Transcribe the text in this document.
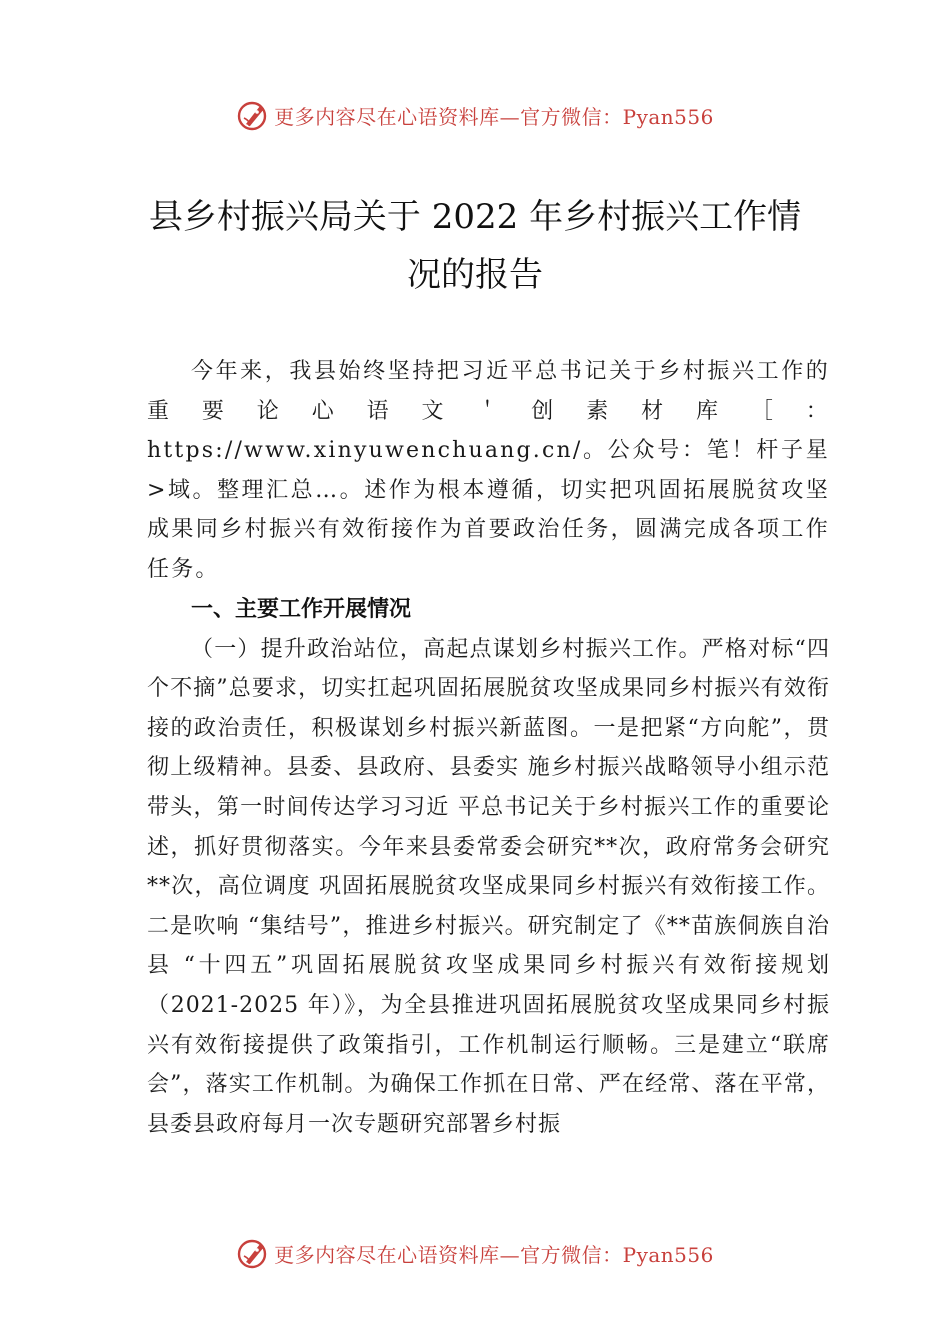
更多内容尽在心语资料库—官方微信：Pyan556
县乡村振兴局关于 2022 年乡村振兴工作情
况的报告

今年来，我县始终坚持把习近平总书记关于乡村振兴工作的重要论心语文＇创素材库［：https://www.xinyuwenchuang.cn/。公众号：笔！杆子星>域。整理汇总…。述作为根本遵循，切实把巩固拓展脱贫攻坚成果同乡村振兴有效衔接作为首要政治任务，圆满完成各项工作任务。

一、主要工作开展情况

（一）提升政治站位，高起点谋划乡村振兴工作。严格对标“四个不摘”总要求，切实扛起巩固拓展脱贫攻坚成果同乡村振兴有效衔接的政治责任，积极谋划乡村振兴新蓝图。一是把紧“方向舵”，贯彻上级精神。县委、县政府、县委实 施乡村振兴战略领导小组示范带头，第一时间传达学习习近 平总书记关于乡村振兴工作的重要论述，抓好贯彻落实。今年来县委常委会研究**次，政府常务会研究**次，高位调度 巩固拓展脱贫攻坚成果同乡村振兴有效衔接工作。二是吹响 “集结号”，推进乡村振兴。研究制定了《**苗族侗族自治县 “十四五”巩固拓展脱贫攻坚成果同乡村振兴有效衔接规划（2021-2025 年）》，为全县推进巩固拓展脱贫攻坚成果同乡村振兴有效衔接提供了政策指引，工作机制运行顺畅。三是建立“联席会”，落实工作机制。为确保工作抓在日常、严在经常、落在平常，县委县政府每月一次专题研究部署乡村振

更多内容尽在心语资料库—官方微信：Pyan556
